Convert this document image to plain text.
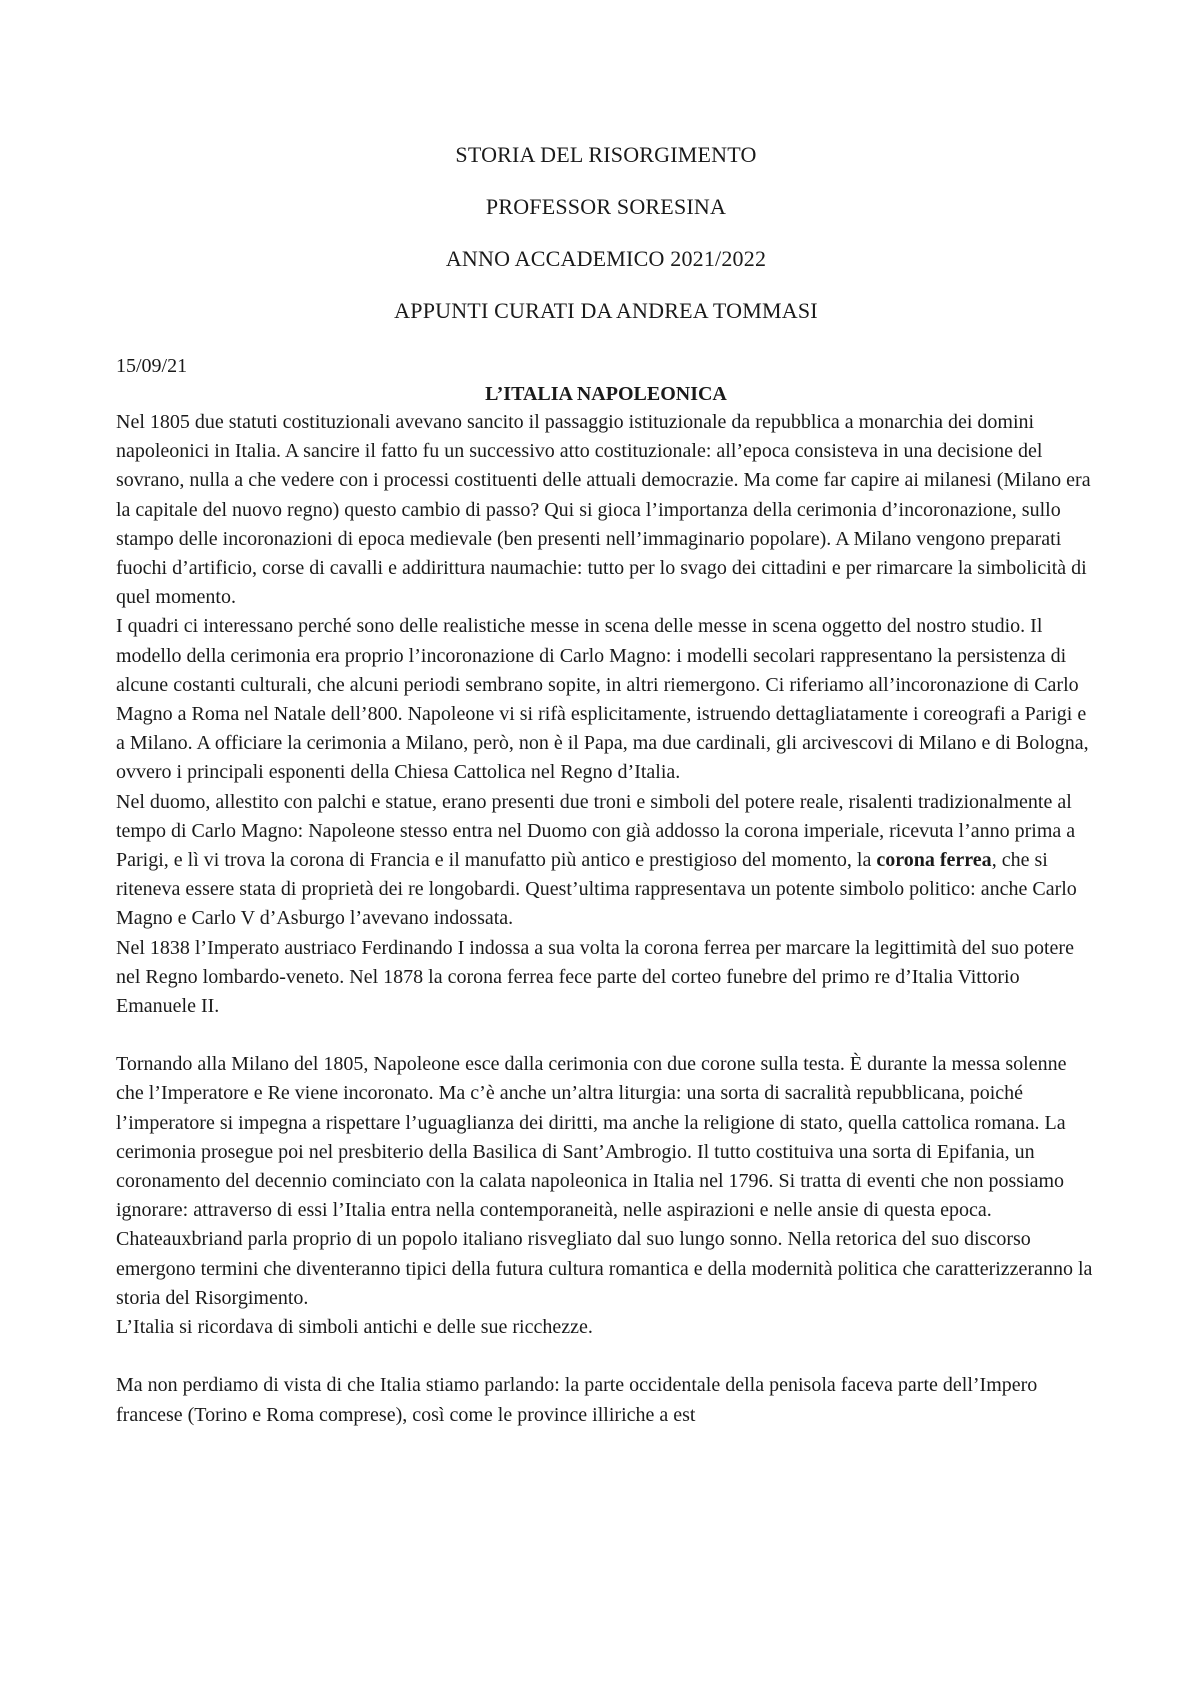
STORIA DEL RISORGIMENTO

PROFESSOR SORESINA

ANNO ACCADEMICO 2021/2022

APPUNTI CURATI DA ANDREA TOMMASI

15/09/21

L’ITALIA NAPOLEONICA

Nel 1805 due statuti costituzionali avevano sancito il passaggio istituzionale da repubblica a monarchia dei domini napoleonici in Italia. A sancire il fatto fu un successivo atto costituzionale: all’epoca consisteva in una decisione del sovrano, nulla a che vedere con i processi costituenti delle attuali democrazie. Ma come far capire ai milanesi (Milano era la capitale del nuovo regno) questo cambio di passo? Qui si gioca l’importanza della cerimonia d’incoronazione, sullo stampo delle incoronazioni di epoca medievale (ben presenti nell’immaginario popolare). A Milano vengono preparati fuochi d’artificio, corse di cavalli e addirittura naumachie: tutto per lo svago dei cittadini e per rimarcare la simbolicità di quel momento.

I quadri ci interessano perché sono delle realistiche messe in scena delle messe in scena oggetto del nostro studio. Il modello della cerimonia era proprio l’incoronazione di Carlo Magno: i modelli secolari rappresentano la persistenza di alcune costanti culturali, che alcuni periodi sembrano sopite, in altri riemergono. Ci riferiamo all’incoronazione di Carlo Magno a Roma nel Natale dell’800. Napoleone vi si rifà esplicitamente, istruendo dettagliatamente i coreografi a Parigi e a Milano. A officiare la cerimonia a Milano, però, non è il Papa, ma due cardinali, gli arcivescovi di Milano e di Bologna, ovvero i principali esponenti della Chiesa Cattolica nel Regno d’Italia.

Nel duomo, allestito con palchi e statue, erano presenti due troni e simboli del potere reale, risalenti tradizionalmente al tempo di Carlo Magno: Napoleone stesso entra nel Duomo con già addosso la corona imperiale, ricevuta l’anno prima a Parigi, e lì vi trova la corona di Francia e il manufatto più antico e prestigioso del momento, la corona ferrea, che si riteneva essere stata di proprietà dei re longobardi. Quest’ultima rappresentava un potente simbolo politico: anche Carlo Magno e Carlo V d’Asburgo l’avevano indossata.

Nel 1838 l’Imperato austriaco Ferdinando I indossa a sua volta la corona ferrea per marcare la legittimità del suo potere nel Regno lombardo-veneto. Nel 1878 la corona ferrea fece parte del corteo funebre del primo re d’Italia Vittorio Emanuele II.

Tornando alla Milano del 1805, Napoleone esce dalla cerimonia con due corone sulla testa. È durante la messa solenne che l’Imperatore e Re viene incoronato. Ma c’è anche un’altra liturgia: una sorta di sacralità repubblicana, poiché l’imperatore si impegna a rispettare l’uguaglianza dei diritti, ma anche la religione di stato, quella cattolica romana. La cerimonia prosegue poi nel presbiterio della Basilica di Sant’Ambrogio. Il tutto costituiva una sorta di Epifania, un coronamento del decennio cominciato con la calata napoleonica in Italia nel 1796. Si tratta di eventi che non possiamo ignorare: attraverso di essi l’Italia entra nella contemporaneità, nelle aspirazioni e nelle ansie di questa epoca. Chateauxbriand parla proprio di un popolo italiano risvegliato dal suo lungo sonno. Nella retorica del suo discorso emergono termini che diventeranno tipici della futura cultura romantica e della modernità politica che caratterizzeranno la storia del Risorgimento.

L’Italia si ricordava di simboli antichi e delle sue ricchezze.

Ma non perdiamo di vista di che Italia stiamo parlando: la parte occidentale della penisola faceva parte dell’Impero francese (Torino e Roma comprese), così come le province illiriche a est
